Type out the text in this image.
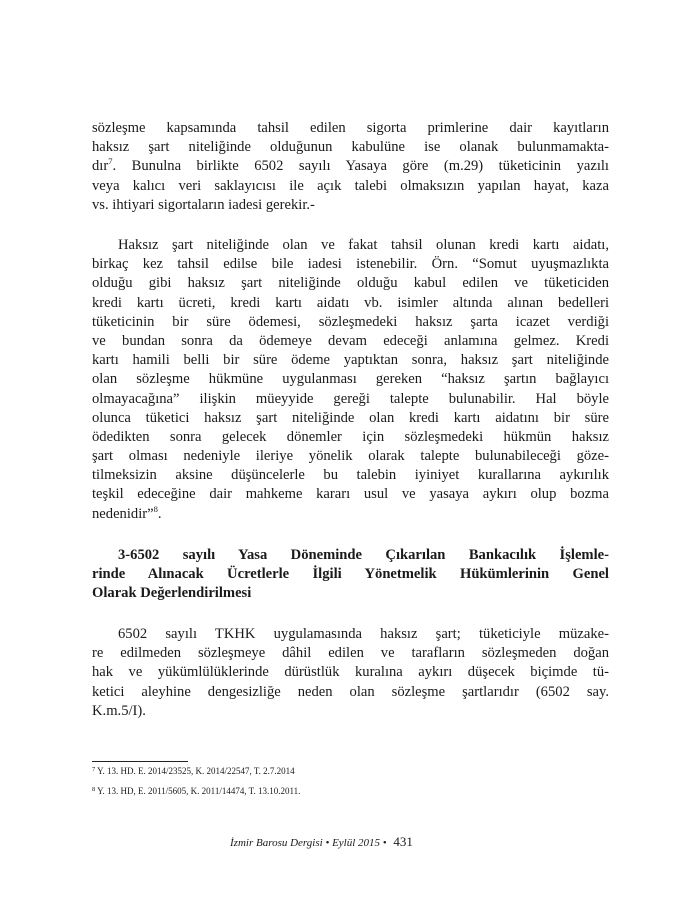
sözleşme kapsamında tahsil edilen sigorta primlerine dair kayıtların
haksız şart niteliğinde olduğunun kabulüne ise olanak bulunmamakta-
dır$^7$. Bunulna birlikte 6502 sayılı Yasaya göre (m.29) tüketicinin yazılı
veya kalıcı veri saklayıcısı ile açık talebi olmaksızın yapılan hayat, kaza
vs. ihtiyari sigortaların iadesi gerekir.-
Haksız şart niteliğinde olan ve fakat tahsil olunan kredi kartı aidatı,
birkaç kez tahsil edilse bile iadesi istenebilir. Örn. “Somut uyuşmazlıkta
olduğu gibi haksız şart niteliğinde olduğu kabul edilen ve tüketiciden
kredi kartı ücreti, kredi kartı aidatı vb. isimler altında alınan bedelleri
tüketicinin bir süre ödemesi, sözleşmedeki haksız şarta icazet verdiği
ve bundan sonra da ödemeye devam edeceği anlamına gelmez. Kredi
kartı hamili belli bir süre ödeme yaptıktan sonra, haksız şart niteliğinde
olan sözleşme hükmüne uygulanması gereken “haksız şartın bağlayıcı
olmayacağına” ilişkin müeyyide gereği talepte bulunabilir. Hal böyle
olunca tüketici haksız şart niteliğinde olan kredi kartı aidatını bir süre
ödedikten sonra gelecek dönemler için sözleşmedeki hükmün haksız
şart olması nedeniyle ileriye yönelik olarak talepte bulunabileceği göze-
tilmeksizin aksine düşüncelerle bu talebin iyiniyet kurallarına aykırılık
teşkil edeceğine dair mahkeme kararı usul ve yasaya aykırı olup bozma
nedenidir”$^8$.
3-6502 sayılı Yasa Döneminde Çıkarılan Bankacılık İşlemle-
rinde Alınacak Ücretlerle İlgili Yönetmelik Hükümlerinin Genel
Olarak Değerlendirilmesi
6502 sayılı TKHK uygulamasında haksız şart; tüketiciyle müzake-
re edilmeden sözleşmeye dâhil edilen ve tarafların sözleşmeden doğan
hak ve yükümlülüklerinde dürüstlük kuralına aykırı düşecek biçimde tü-
ketici aleyhine dengesizliğe neden olan sözleşme şartlarıdır (6502 say.
K.m.5/I).
$^7$ Y. 13. HD. E. 2014/23525, K. 2014/22547, T. 2.7.2014
$^8$ Y. 13. HD, E. 2011/5605, K. 2011/14474, T. 13.10.2011.
İzmir Barosu Dergisi • Eylül 2015 • 431
